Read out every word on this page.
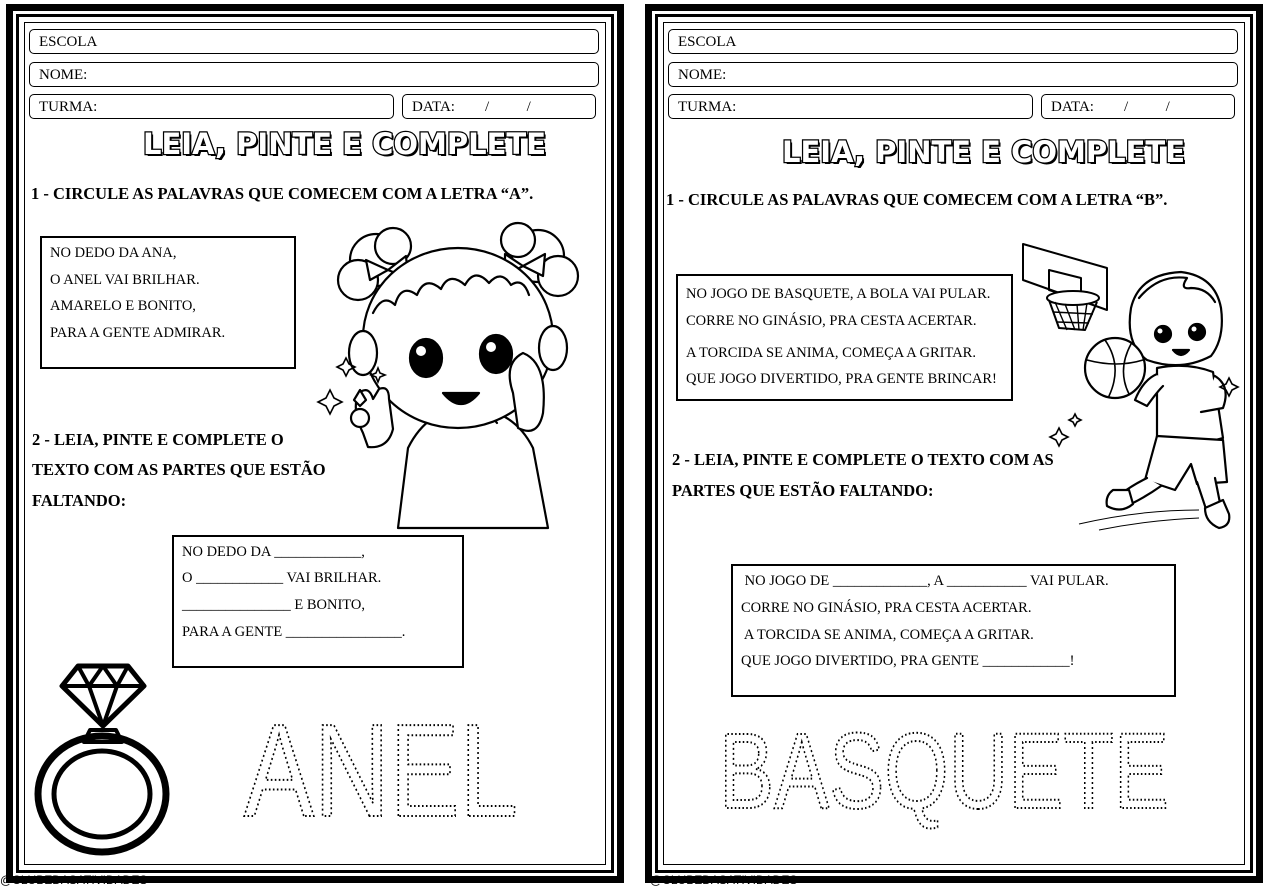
ESCOLA
NOME:
TURMA:	DATA:        /          /
LEIA, PINTE E COMPLETE
1 - CIRCULE AS PALAVRAS QUE COMECEM COM A LETRA “A”.
NO DEDO DA ANA,
O ANEL VAI BRILHAR.
AMARELO E BONITO,
PARA A GENTE ADMIRAR.
2 - LEIA, PINTE E COMPLETE O
TEXTO COM AS PARTES QUE ESTÃO
FALTANDO:
NO DEDO DA ____________,
O ____________ VAI BRILHAR.
_______________ E BONITO,
PARA A GENTE ________________.
ANEL
@CLUBEDASATIVIDADES
ESCOLA
NOME:
TURMA:	DATA:        /          /
LEIA, PINTE E COMPLETE
1 - CIRCULE AS PALAVRAS QUE COMECEM COM A LETRA “B”.
NO JOGO DE BASQUETE, A BOLA VAI PULAR.
CORRE NO GINÁSIO, PRA CESTA ACERTAR.
A TORCIDA SE ANIMA, COMEÇA A GRITAR.
QUE JOGO DIVERTIDO, PRA GENTE BRINCAR!
2 - LEIA, PINTE E COMPLETE O TEXTO COM AS
PARTES QUE ESTÃO FALTANDO:
NO JOGO DE _____________, A ___________ VAI PULAR.
CORRE NO GINÁSIO, PRA CESTA ACERTAR.
A TORCIDA SE ANIMA, COMEÇA A GRITAR.
QUE JOGO DIVERTIDO, PRA GENTE ____________!
BASQUETE
@CLUBEDASATIVIDADES
